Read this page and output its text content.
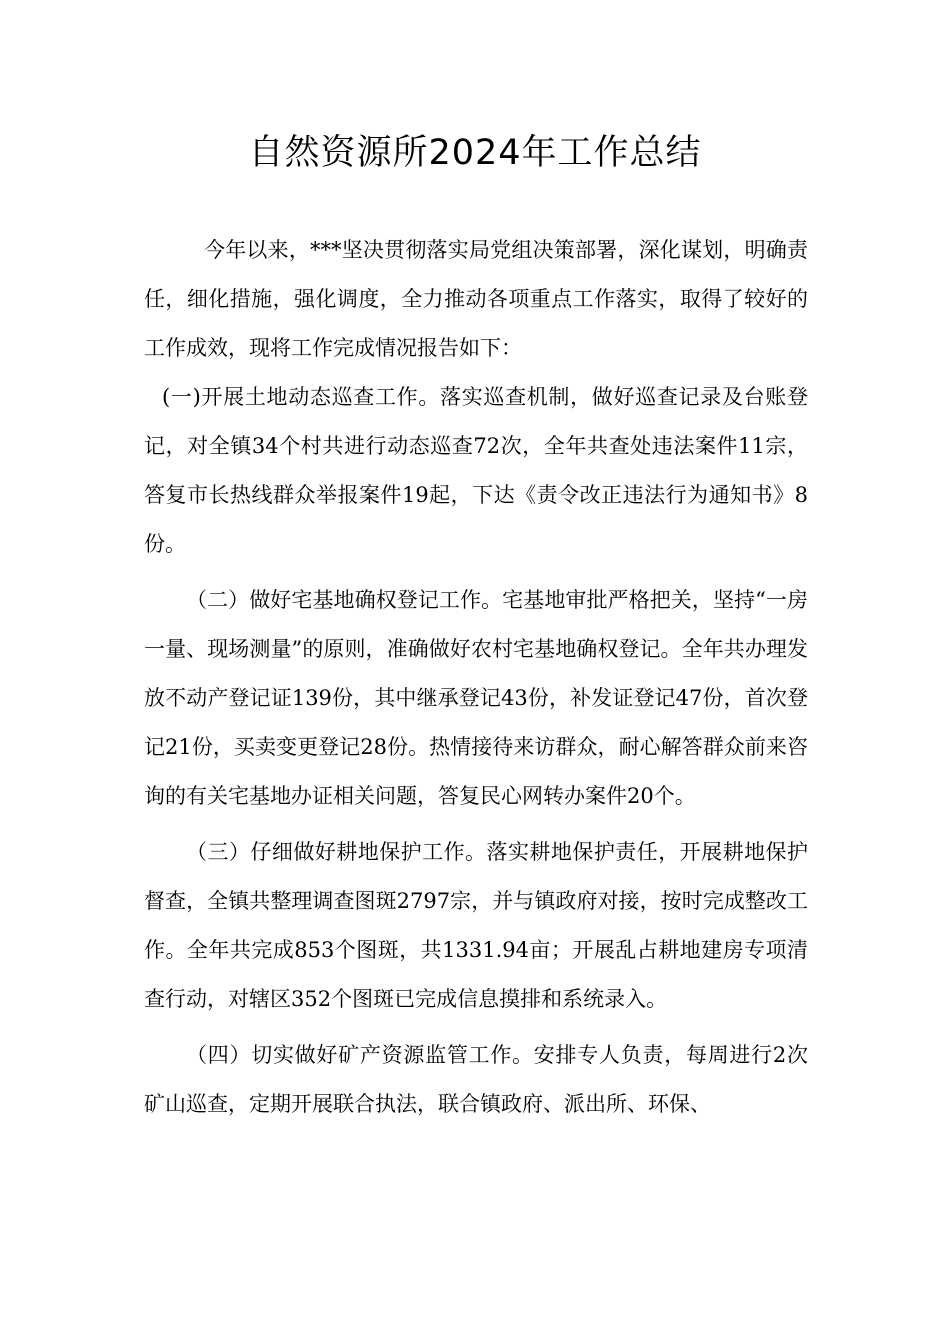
自然资源所2024年工作总结

今年以来，***坚决贯彻落实局党组决策部署，深化谋划，明确责任，细化措施，强化调度，全力推动各项重点工作落实，取得了较好的工作成效，现将工作完成情况报告如下：

(一)开展土地动态巡查工作。落实巡查机制，做好巡查记录及台账登记，对全镇34个村共进行动态巡查72次，全年共查处违法案件11宗，答复市长热线群众举报案件19起，下达《责令改正违法行为通知书》8份。

（二）做好宅基地确权登记工作。宅基地审批严格把关，坚持“一房一量、现场测量”的原则，准确做好农村宅基地确权登记。全年共办理发放不动产登记证139份，其中继承登记43份，补发证登记47份，首次登记21份，买卖变更登记28份。热情接待来访群众，耐心解答群众前来咨询的有关宅基地办证相关问题，答复民心网转办案件20个。

（三）仔细做好耕地保护工作。落实耕地保护责任，开展耕地保护督查，全镇共整理调查图斑2797宗，并与镇政府对接，按时完成整改工作。全年共完成853个图斑，共1331.94亩；开展乱占耕地建房专项清查行动，对辖区352个图斑已完成信息摸排和系统录入。

（四）切实做好矿产资源监管工作。安排专人负责，每周进行2次矿山巡查，定期开展联合执法，联合镇政府、派出所、环保、
